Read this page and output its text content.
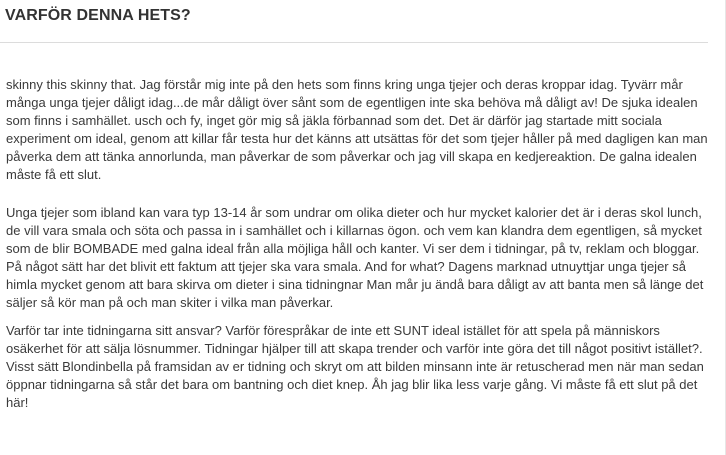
VARFÖR DENNA HETS?

skinny this skinny that. Jag förstår mig inte på den hets som finns kring unga tjejer och deras kroppar idag. Tyvärr mår många unga tjejer dåligt idag...de mår dåligt över sånt som de egentligen inte ska behöva må dåligt av! De sjuka idealen som finns i samhället. usch och fy, inget gör mig så jäkla förbannad som det. Det är därför jag startade mitt sociala experiment om ideal, genom att killar får testa hur det känns att utsättas för det som tjejer håller på med dagligen kan man påverka dem att tänka annorlunda, man påverkar de som påverkar och jag vill skapa en kedjereaktion. De galna idealen måste få ett slut.

Unga tjejer som ibland kan vara typ 13-14 år som undrar om olika dieter och hur mycket kalorier det är i deras skol lunch, de vill vara smala och söta och passa in i samhället och i killarnas ögon. och vem kan klandra dem egentligen, så mycket som de blir BOMBADE med galna ideal från alla möjliga håll och kanter. Vi ser dem i tidningar, på tv, reklam och bloggar. På något sätt har det blivit ett faktum att tjejer ska vara smala. And for what? Dagens marknad utnuyttjar unga tjejer så himla mycket genom att bara skirva om dieter i sina tidningnar Man mår ju ändå bara dåligt av att banta men så länge det säljer så kör man på och man skiter i vilka man påverkar.

Varför tar inte tidningarna sitt ansvar? Varför förespråkar de inte ett SUNT ideal istället för att spela på människors osäkerhet för att sälja lösnummer. Tidningar hjälper till att skapa trender och varför inte göra det till något positivt istället?. Visst sätt Blondinbella på framsidan av er tidning och skryt om att bilden minsann inte är retuscherad men när man sedan öppnar tidningarna så står det bara om bantning och diet knep. Åh jag blir lika less varje gång. Vi måste få ett slut på det här!
